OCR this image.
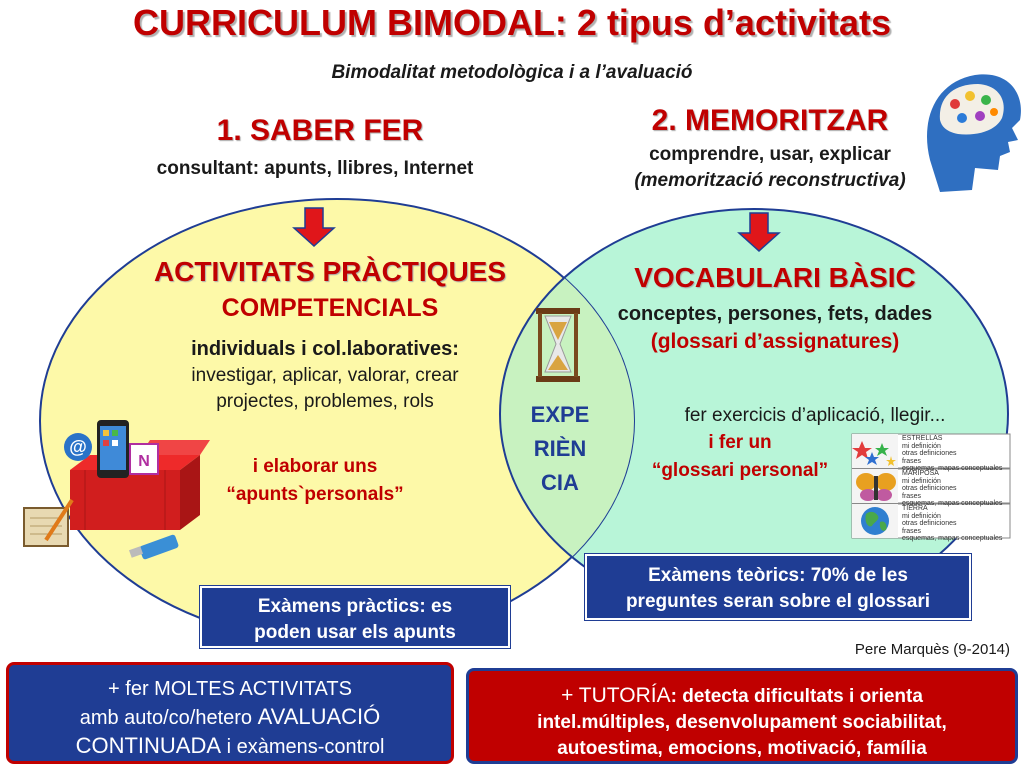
@
N
CURRICULUM BIMODAL: 2 tipus d’activitats
Bimodalitat metodològica i a l’avaluació
1. SABER FER
consultant: apunts, llibres, Internet
2. MEMORITZAR
comprendre, usar, explicar
(memorització reconstructiva)
ACTIVITATS PRÀCTIQUES
COMPETENCIALS
individuals i col.laboratives:
investigar, aplicar, valorar, crear
projectes, problemes, rols
i elaborar uns
“apunts`personals”
EXPE
RIÈN
CIA
VOCABULARI BÀSIC
conceptes, persones, fets, dades
(glossari d’assignatures)
fer exercicis d’aplicació, llegir...
i fer un
“glossari personal”
ESTRELLAS
mi definición
otras definiciones
frases
esquemas, mapas conceptuales
MARIPOSA
mi definición
otras definiciones
frases
esquemas, mapas conceptuales
TIERRA
mi definición
otras definiciones
frases
esquemas, mapas conceptuales
Exàmens pràctics: es
poden usar els apunts
Exàmens teòrics: 70% de les
preguntes seran sobre el glossari
Pere Marquès (9-2014)
+ fer MOLTES ACTIVITATS
amb auto/co/hetero AVALUACIÓ
CONTINUADA i exàmens-control
+ TUTORÍA: detecta dificultats i orienta
intel.múltiples, desenvolupament sociabilitat,
autoestima, emocions, motivació, família
